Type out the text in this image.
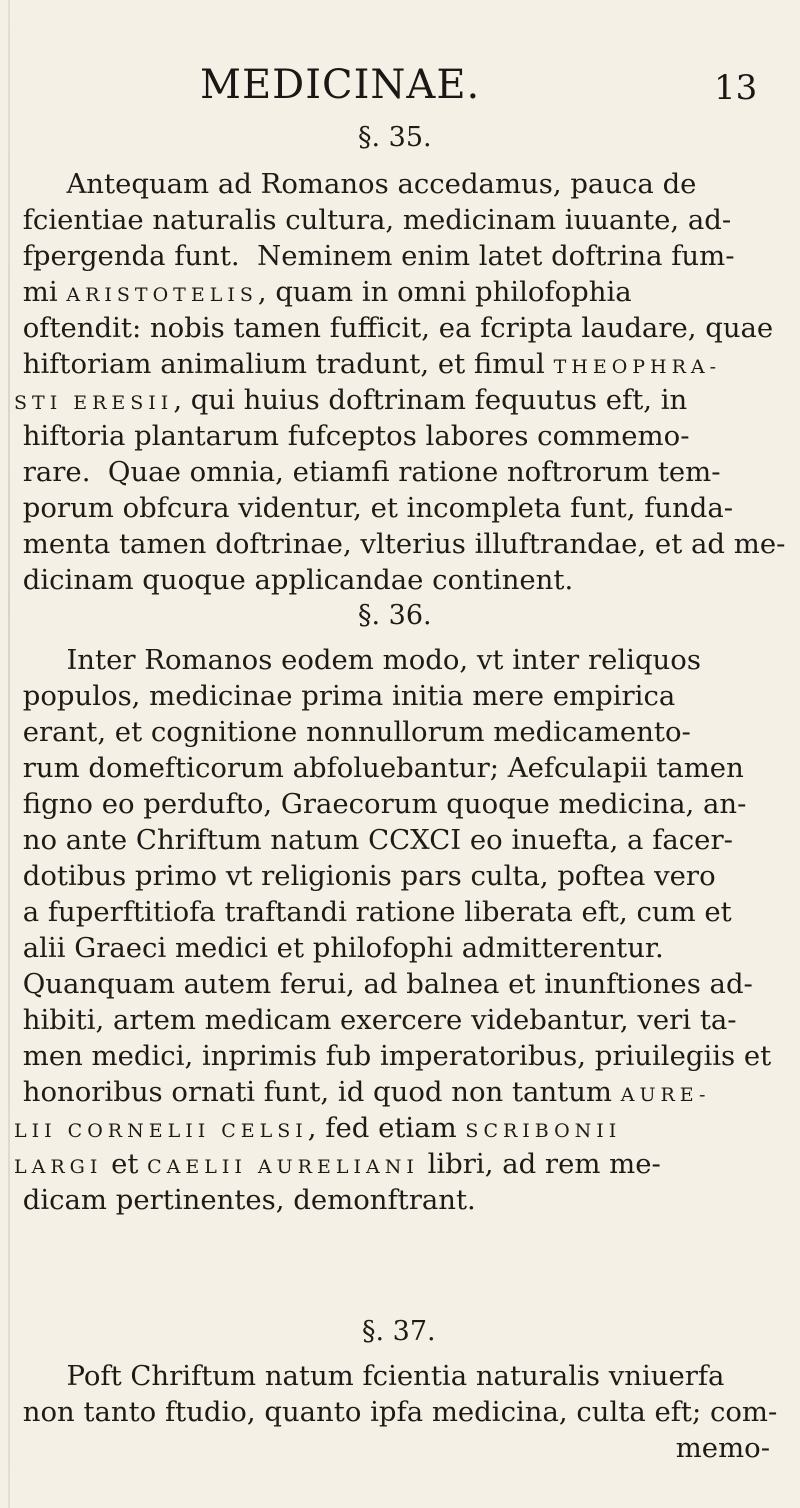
MEDICINAE.	13
§. 35.
Antequam ad Romanos accedamus, pauca de
fcientiae naturalis cultura, medicinam iuuante, ad-
fpergenda funt.  Neminem enim latet doftrina fum-
mi ARISTOTELIS, quam in omni philofophia
oftendit: nobis tamen fufficit, ea fcripta laudare, quae
hiftoriam animalium tradunt, et fimul THEOPHRA-
STI ERESII, qui huius doftrinam fequutus eft, in
hiftoria plantarum fufceptos labores commemo-
rare.  Quae omnia, etiamfi ratione noftrorum tem-
porum obfcura videntur, et incompleta funt, funda-
menta tamen doftrinae, vlterius illuftrandae, et ad me-
dicinam quoque applicandae continent.
§. 36.
Inter Romanos eodem modo, vt inter reliquos
populos, medicinae prima initia mere empirica
erant, et cognitione nonnullorum medicamento-
rum domefticorum abfoluebantur; Aefculapii tamen
figno eo perdufto, Graecorum quoque medicina, an-
no ante Chriftum natum CCXCI eo inuefta, a facer-
dotibus primo vt religionis pars culta, poftea vero
a fuperftitiofa traftandi ratione liberata eft, cum et
alii Graeci medici et philofophi admitterentur.
Quanquam autem ferui, ad balnea et inunftiones ad-
hibiti, artem medicam exercere videbantur, veri ta-
men medici, inprimis fub imperatoribus, priuilegiis et
honoribus ornati funt, id quod non tantum AURE-
LII CORNELII CELSI, fed etiam SCRIBONII
LARGI et CAELII AURELIANI libri, ad rem me-
dicam pertinentes, demonftrant.
§. 37.
Poft Chriftum natum fcientia naturalis vniuerfa
non tanto ftudio, quanto ipfa medicina, culta eft; com-
memo-
